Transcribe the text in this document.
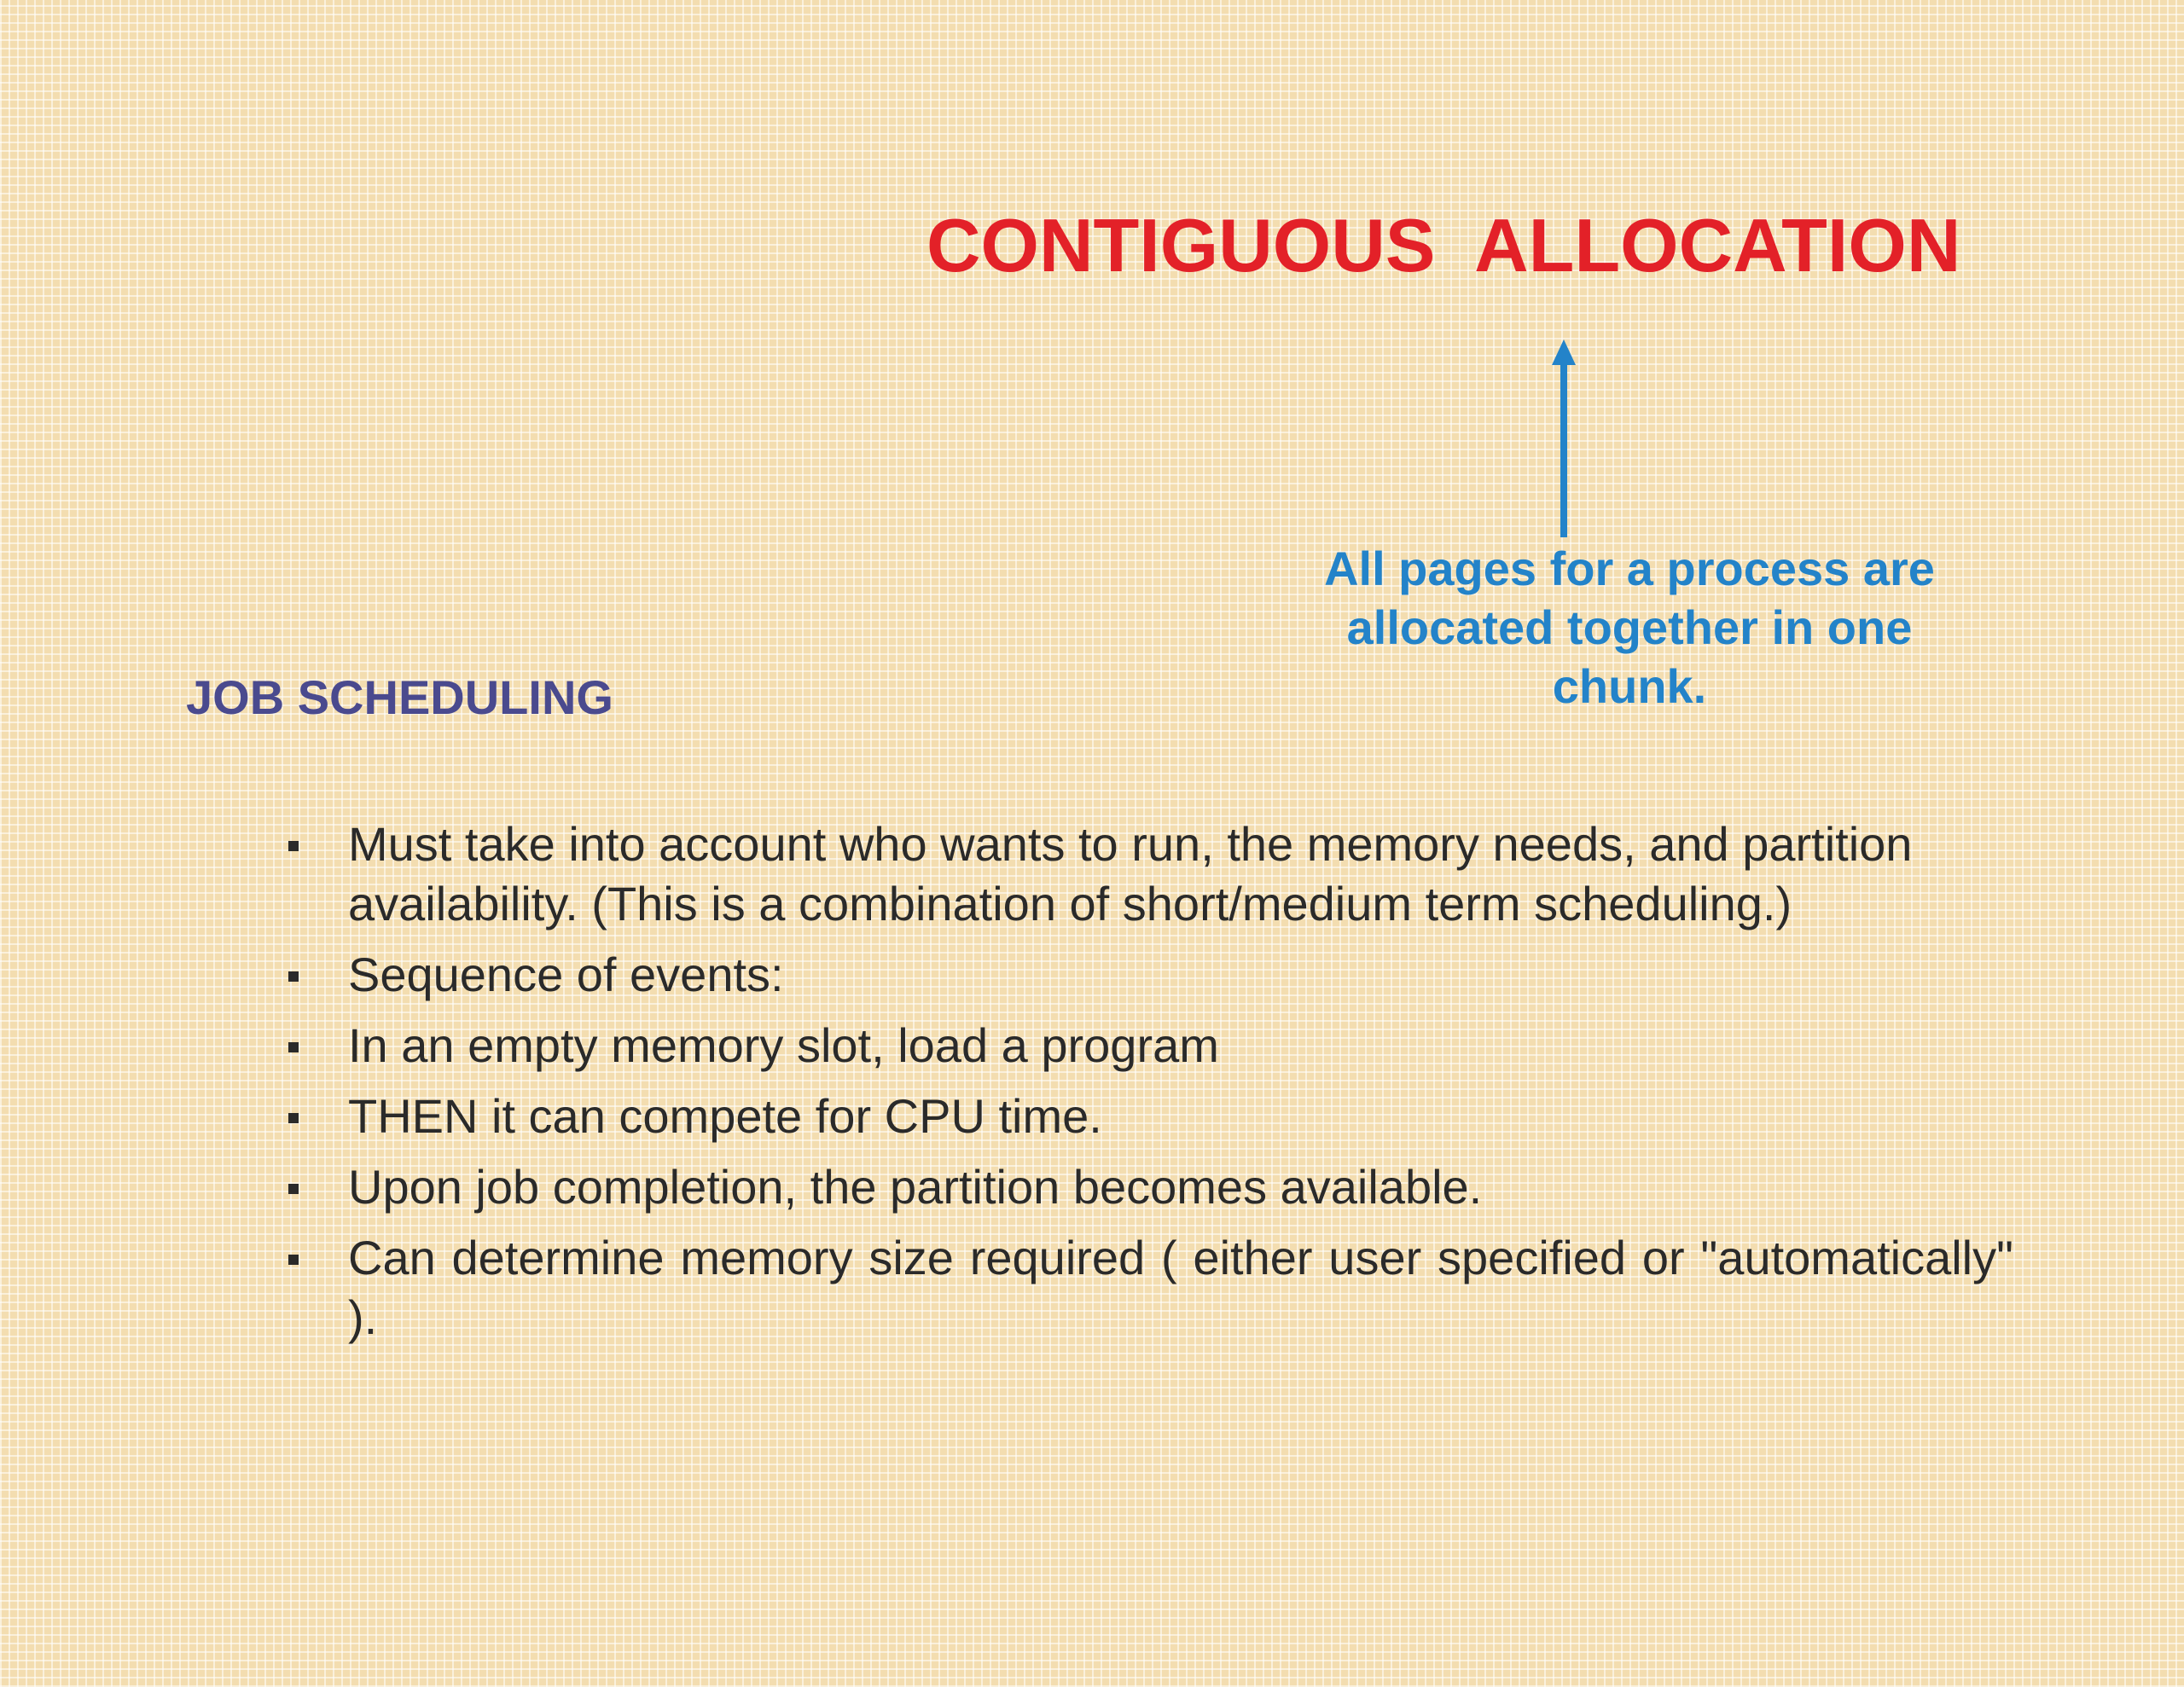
CONTIGUOUS  ALLOCATION
All pages for a process are
allocated together in one
chunk.
JOB SCHEDULING
Must take into account who wants to run, the memory needs, and partition availability. (This is a combination of short/medium term scheduling.)
Sequence of events:
In an empty memory slot, load a program
THEN it can compete for CPU time.
Upon job completion, the partition becomes available.
Can determine memory size required ( either user specified or "automatically" ).
